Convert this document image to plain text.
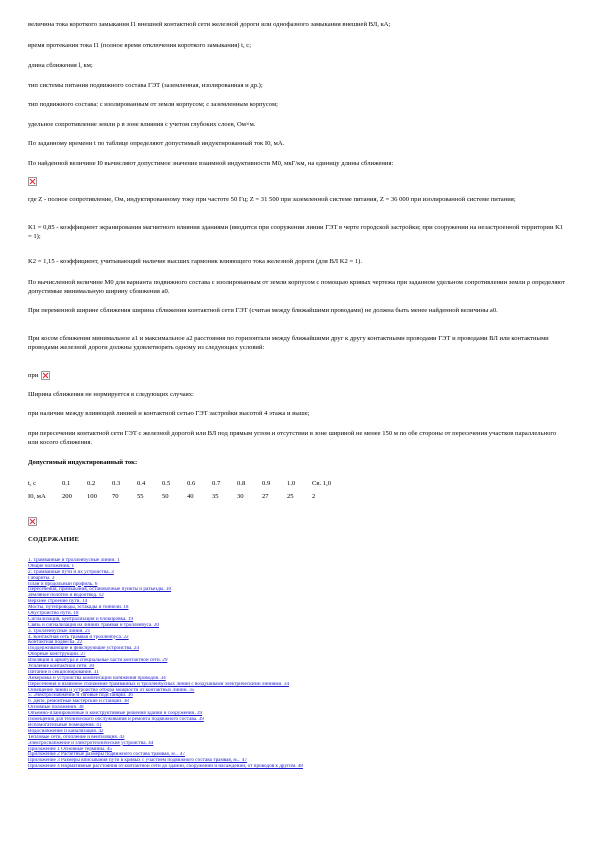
величина тока короткого замыкания I1 внешней контактной сети железной дороги или однофазного замыкания внешней ВЛ, кА;

время протекания тока I1 (полное время отключения короткого замыкания) t, с;

длина сближения l, км;

тип системы питания подвижного состава ГЭТ (заземленная, изолированная и др.);

тип подвижного состава: с изолированным от земли корпусом; с заземленным корпусом;

удельное сопротивление земли ρ в зоне влияния с учетом глубоких слоев, Ом×м.

По заданному времени t по таблице определяют допустимый индуктированный ток I0, мА.

По найденной величине I0 вычисляют допустимое значение взаимной индуктивности M0, мкГ/км, на единицу длины сближения:

где Z - полное сопротивление, Ом, индуктированному току при частоте 50 Гц; Z = 31 500 при заземленной системе питания, Z = 36 000 при изолированной системе питания;

K1 = 0,85 - коэффициент экранирования магнитного влияния зданиями (вводится при сооружении линии ГЭТ в черте городской застройки; при сооружении на незастроенной территории K1 = 1);

K2 = 1,15 - коэффициент, учитывающий наличие высших гармоник влияющего тока железной дороги (для ВЛ K2 = 1).

По вычисленной величине M0 для варианта подвижного состава с изолированным от земли корпусом с помощью кривых чертежа при заданном удельном сопротивлении земли ρ определяют допустимые минимальную ширину сближения a0.

При переменной ширине сближения ширина сближения контактной сети ГЭТ (считая между ближайшими проводами) не должна быть менее найденной величины a0.

При косом сближении минимальное a1 и максимальное a2 расстояния по горизонтали между ближайшими друг к другу контактными проводами ГЭТ и проводами ВЛ или контактными проводами железной дороги должны удовлетворять одному из следующих условий:

при

Ширина сближения не нормируется в следующих случаях:

при наличии между влияющей линией и контактной сетью ГЭТ застройки высотой 4 этажа и выше;

при пересечении контактной сети ГЭТ с железной дорогой или ВЛ под прямым углом и отсутствии в зоне шириной не менее 150 м по обе стороны от пересечения участков параллельного или косого сближения.

Допустимый индуктированный ток:

t, с	0.1	0.2	0.3	0.4	0.5	0.6	0.7	0.8	0.9	1.0	Св. 1,0
I0, мА	200	100	70	55	50	40	35	30	27	25	2
СОДЕРЖАНИЕ
1. Трамвайные и троллейбусные линии. 1
Общие положения. 1
2. Трамвайные пути и их устройства. 3
Габариты. 3
План и продольный профиль. 6
Пересечения, примыкания, остановочные пункты и разъезды. 10
Земляное полотно и водоотвод. 12
Верхнее строение пути. 14
Мосты, путепроводы, эстакады и тоннели. 18
Обустройство пути. 18
Сигнализация, централизация и блокировка. 19
Связь и сигнализация на линиях трамвая и троллейбуса. 20
3. Троллейбусные линии. 21
4. Контактная сеть трамвая и троллейбуса. 22
Контактная подвеска. 22
Поддерживающие и фиксирующие устройства. 24
Опорные конструкции. 27
Изоляция и арматура и специальные части контактной сети. 29
Усиление контактной сети. 30
Питание и секционирование. 31
Анкеровка и устройства компенсации натяжения проводов. 34
Пересечения и взаимное сближение трамвайных и троллейбусных линий с воздушными электрическими линиями. 34
Освещение линий и устройство отбора мощности от контактных линий. 35
5. Электроснабжение и тяговые подстанции. 36
6. Депо, ремонтные мастерские и станции. 38
Основные положения. 38
Объемно-планировочные и конструктивные решения зданий и сооружений. 39
Помещения для технического обслуживания и ремонта подвижного состава. 39
Вспомогательные помещения. 41
Водоснабжение и канализация. 42
Тепловые сети, отопление и вентиляция. 43
Электроснабжение и электротехнические устройства. 44
Приложение 1 Основные термины. 45
Приложение 2 Расчетные размеры подвижного состава трамвая, м... 47
Приложение 3 Размеры вписывания пути в кривых с участием подвижного состава трамвая, м... 47
Приложение 4 Нормативные расстояния от контактной сети до зданий, сооружений и насаждений, от проводов к другим. 48
